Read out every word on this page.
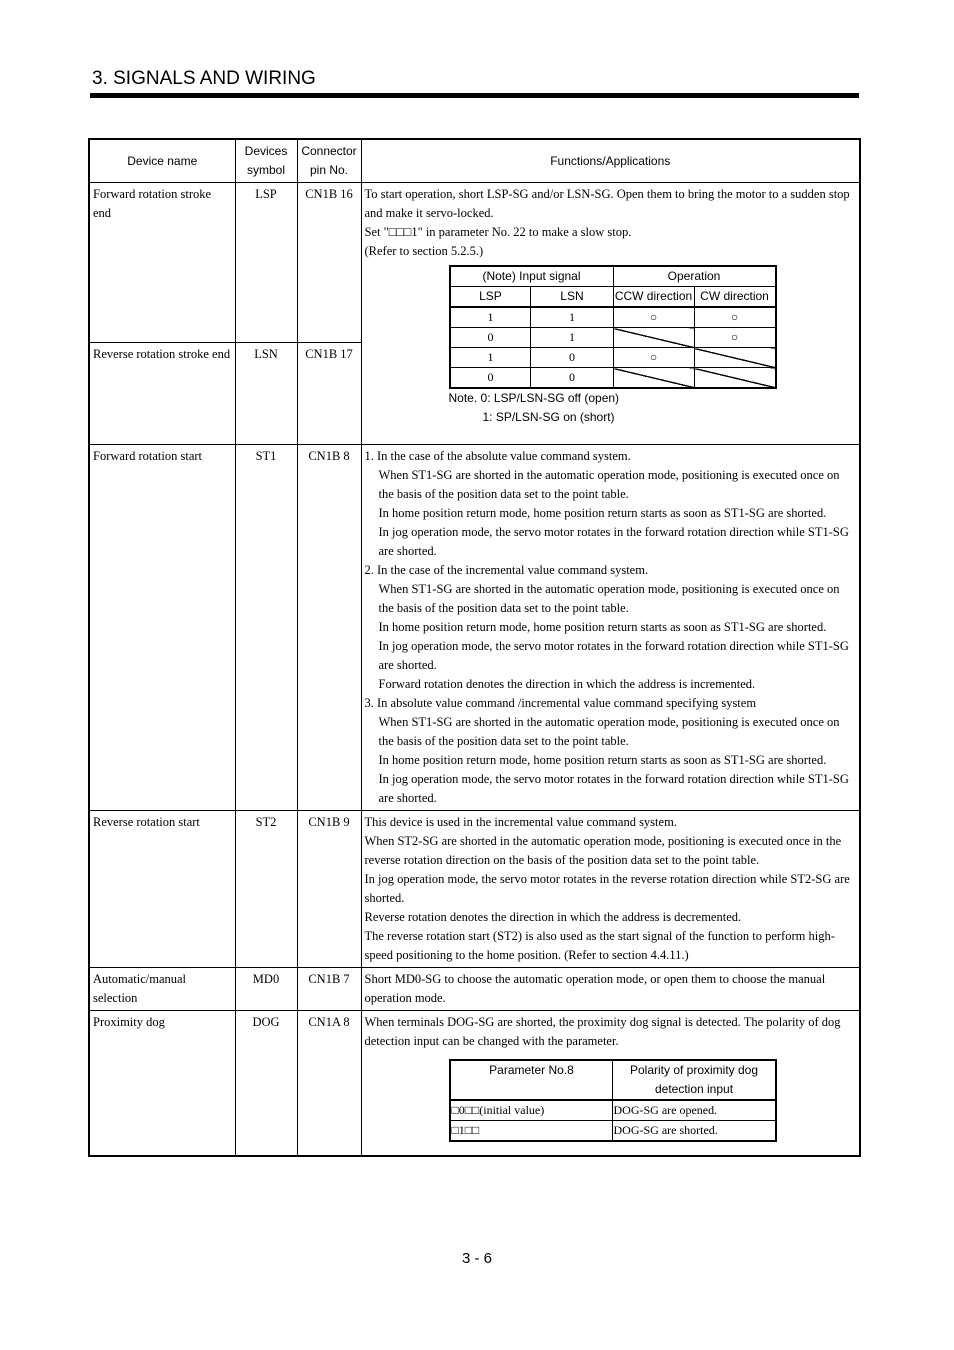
3. SIGNALS AND WIRING
Device name	Devices symbol	Connector pin No.	Functions/Applications
Forward rotation stroke end	LSP	CN1B 16	To start operation, short LSP-SG and/or LSN-SG. Open them to bring the motor to a sudden stop and make it servo-locked.

Set "□□□1" in parameter No. 22 to make a slow stop.

(Refer to section 5.2.5.)

(Note) Input signal	Operation
LSP	LSN	CCW direction	CW direction
1	1	○	○
0	1		○
1	0	○	
0	0		
Note. 0: LSP/LSN-SG off (open)
1: SP/LSN-SG on (short)

Reverse rotation stroke end	LSN	CN1B 17
Forward rotation start	ST1	CN1B 8	1. In the case of the absolute value command system.

When ST1-SG are shorted in the automatic operation mode, positioning is executed once on the basis of the position data set to the point table.

In home position return mode, home position return starts as soon as ST1-SG are shorted.

In jog operation mode, the servo motor rotates in the forward rotation direction while ST1-SG are shorted.

2. In the case of the incremental value command system.

When ST1-SG are shorted in the automatic operation mode, positioning is executed once on the basis of the position data set to the point table.

In home position return mode, home position return starts as soon as ST1-SG are shorted.

In jog operation mode, the servo motor rotates in the forward rotation direction while ST1-SG are shorted.

Forward rotation denotes the direction in which the address is incremented.

3. In absolute value command /incremental value command specifying system

When ST1-SG are shorted in the automatic operation mode, positioning is executed once on the basis of the position data set to the point table.

In home position return mode, home position return starts as soon as ST1-SG are shorted.

In jog operation mode, the servo motor rotates in the forward rotation direction while ST1-SG are shorted.

Reverse rotation start	ST2	CN1B 9	This device is used in the incremental value command system.

When ST2-SG are shorted in the automatic operation mode, positioning is executed once in the reverse rotation direction on the basis of the position data set to the point table.

In jog operation mode, the servo motor rotates in the reverse rotation direction while ST2-SG are shorted.

Reverse rotation denotes the direction in which the address is decremented.

The reverse rotation start (ST2) is also used as the start signal of the function to perform high-speed positioning to the home position. (Refer to section 4.4.11.)

Automatic/manual selection	MD0	CN1B 7	Short MD0-SG to choose the automatic operation mode, or open them to choose the manual operation mode.
Proximity dog	DOG	CN1A 8	When terminals DOG-SG are shorted, the proximity dog signal is detected. The polarity of dog detection input can be changed with the parameter.

Parameter No.8	Polarity of proximity dog detection input
□0□□(initial value)	DOG-SG are opened.
□1□□	DOG-SG are shorted.
3 - 6
